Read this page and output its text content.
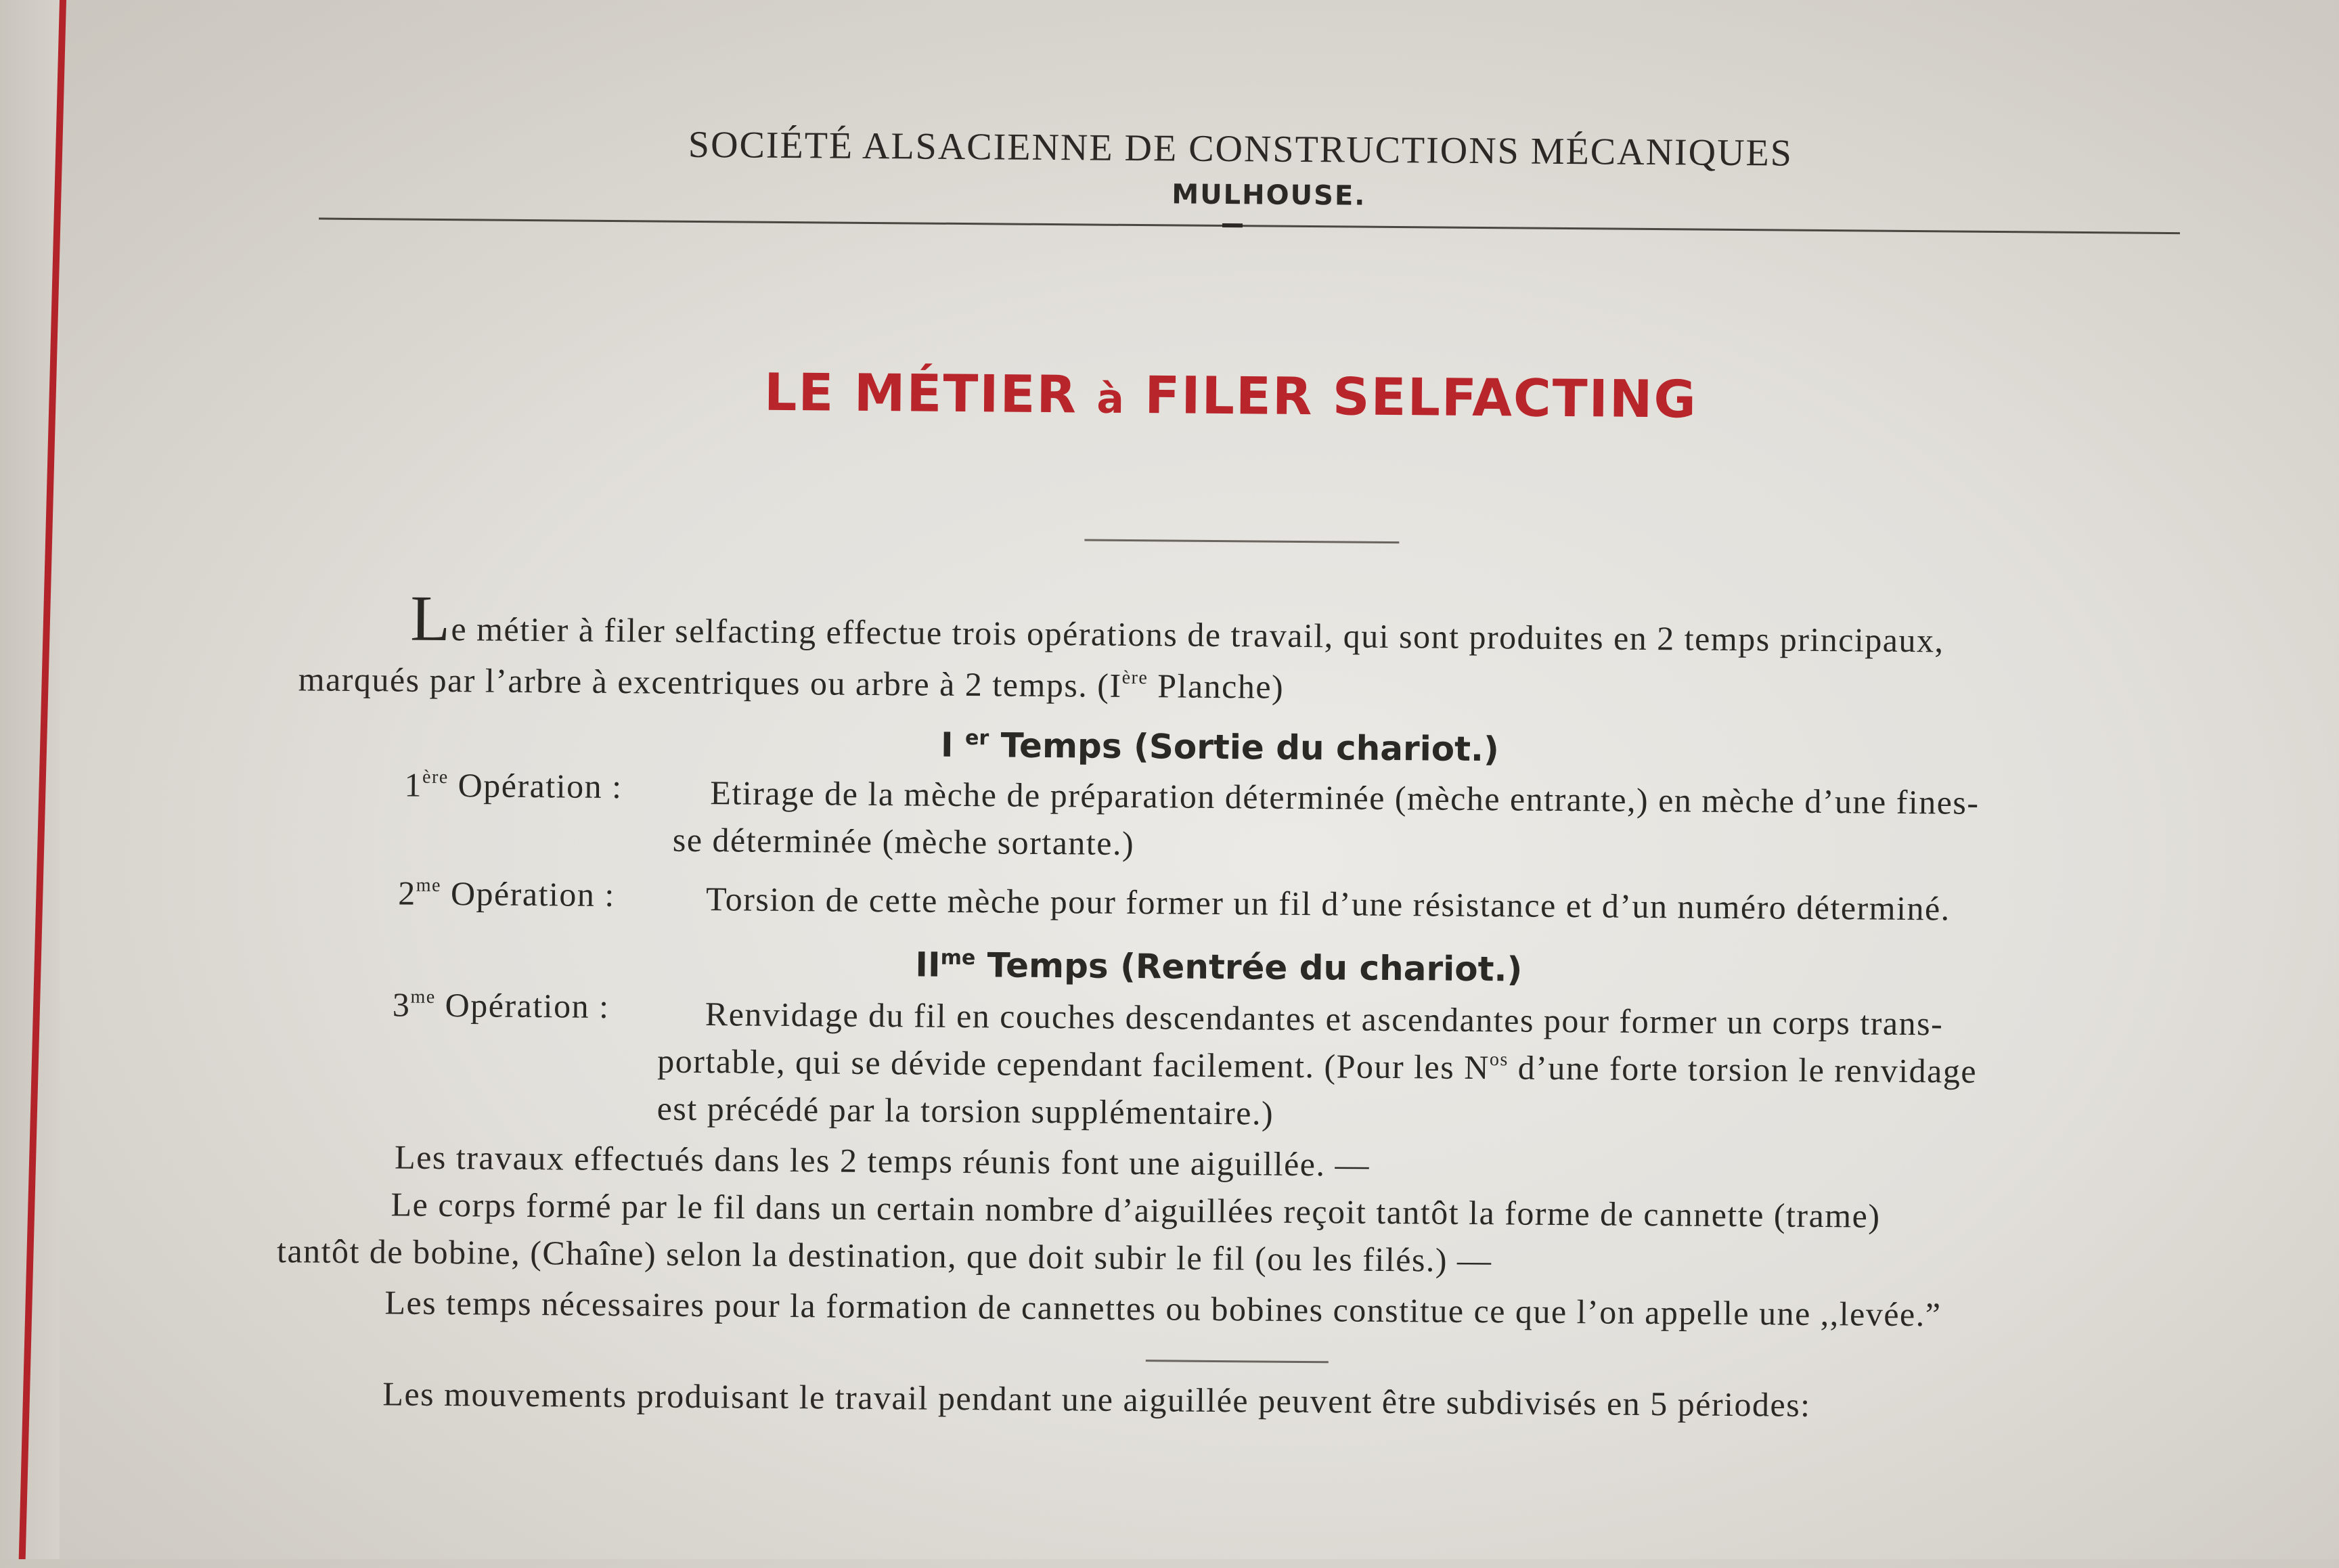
SOCIÉTÉ ALSACIENNE DE CONSTRUCTIONS MÉCANIQUES
MULHOUSE.
LE MÉTIER à FILER SELFACTING
Le métier à filer selfacting effectue trois opérations de travail, qui sont produites en 2 temps principaux,
marqués par l’arbre à excentriques ou arbre à 2 temps. (Ière Planche)
I $^{er}$ Temps (Sortie du chariot.)
1ère Opération :	Etirage de la mèche de préparation déterminée (mèche entrante,) en mèche d’une fines-
se déterminée (mèche sortante.)
$2^{me}$ Opération :	Torsion de cette mèche pour former un fil d’une résistance et d’un numéro déterminé.
$II^{me}$ Temps (Rentrée du chariot.)
$3^{me}$ Opération :	Renvidage du fil en couches descendantes et ascendantes pour former un corps trans-
portable, qui se dévide cependant facilement. (Pour les $N^{os}$ d’une forte torsion le renvidage
est précédé par la torsion supplémentaire.)
Les travaux effectués dans les 2 temps réunis font une aiguillée. —
Le corps formé par le fil dans un certain nombre d’aiguillées reçoit tantôt la forme de cannette (trame)
tantôt de bobine, (Chaîne) selon la destination, que doit subir le fil (ou les filés.) —
Les temps nécessaires pour la formation de cannettes ou bobines constitue ce que l’on appelle une ,,levée.”
Les mouvements produisant le travail pendant une aiguillée peuvent être subdivisés en 5 périodes:
